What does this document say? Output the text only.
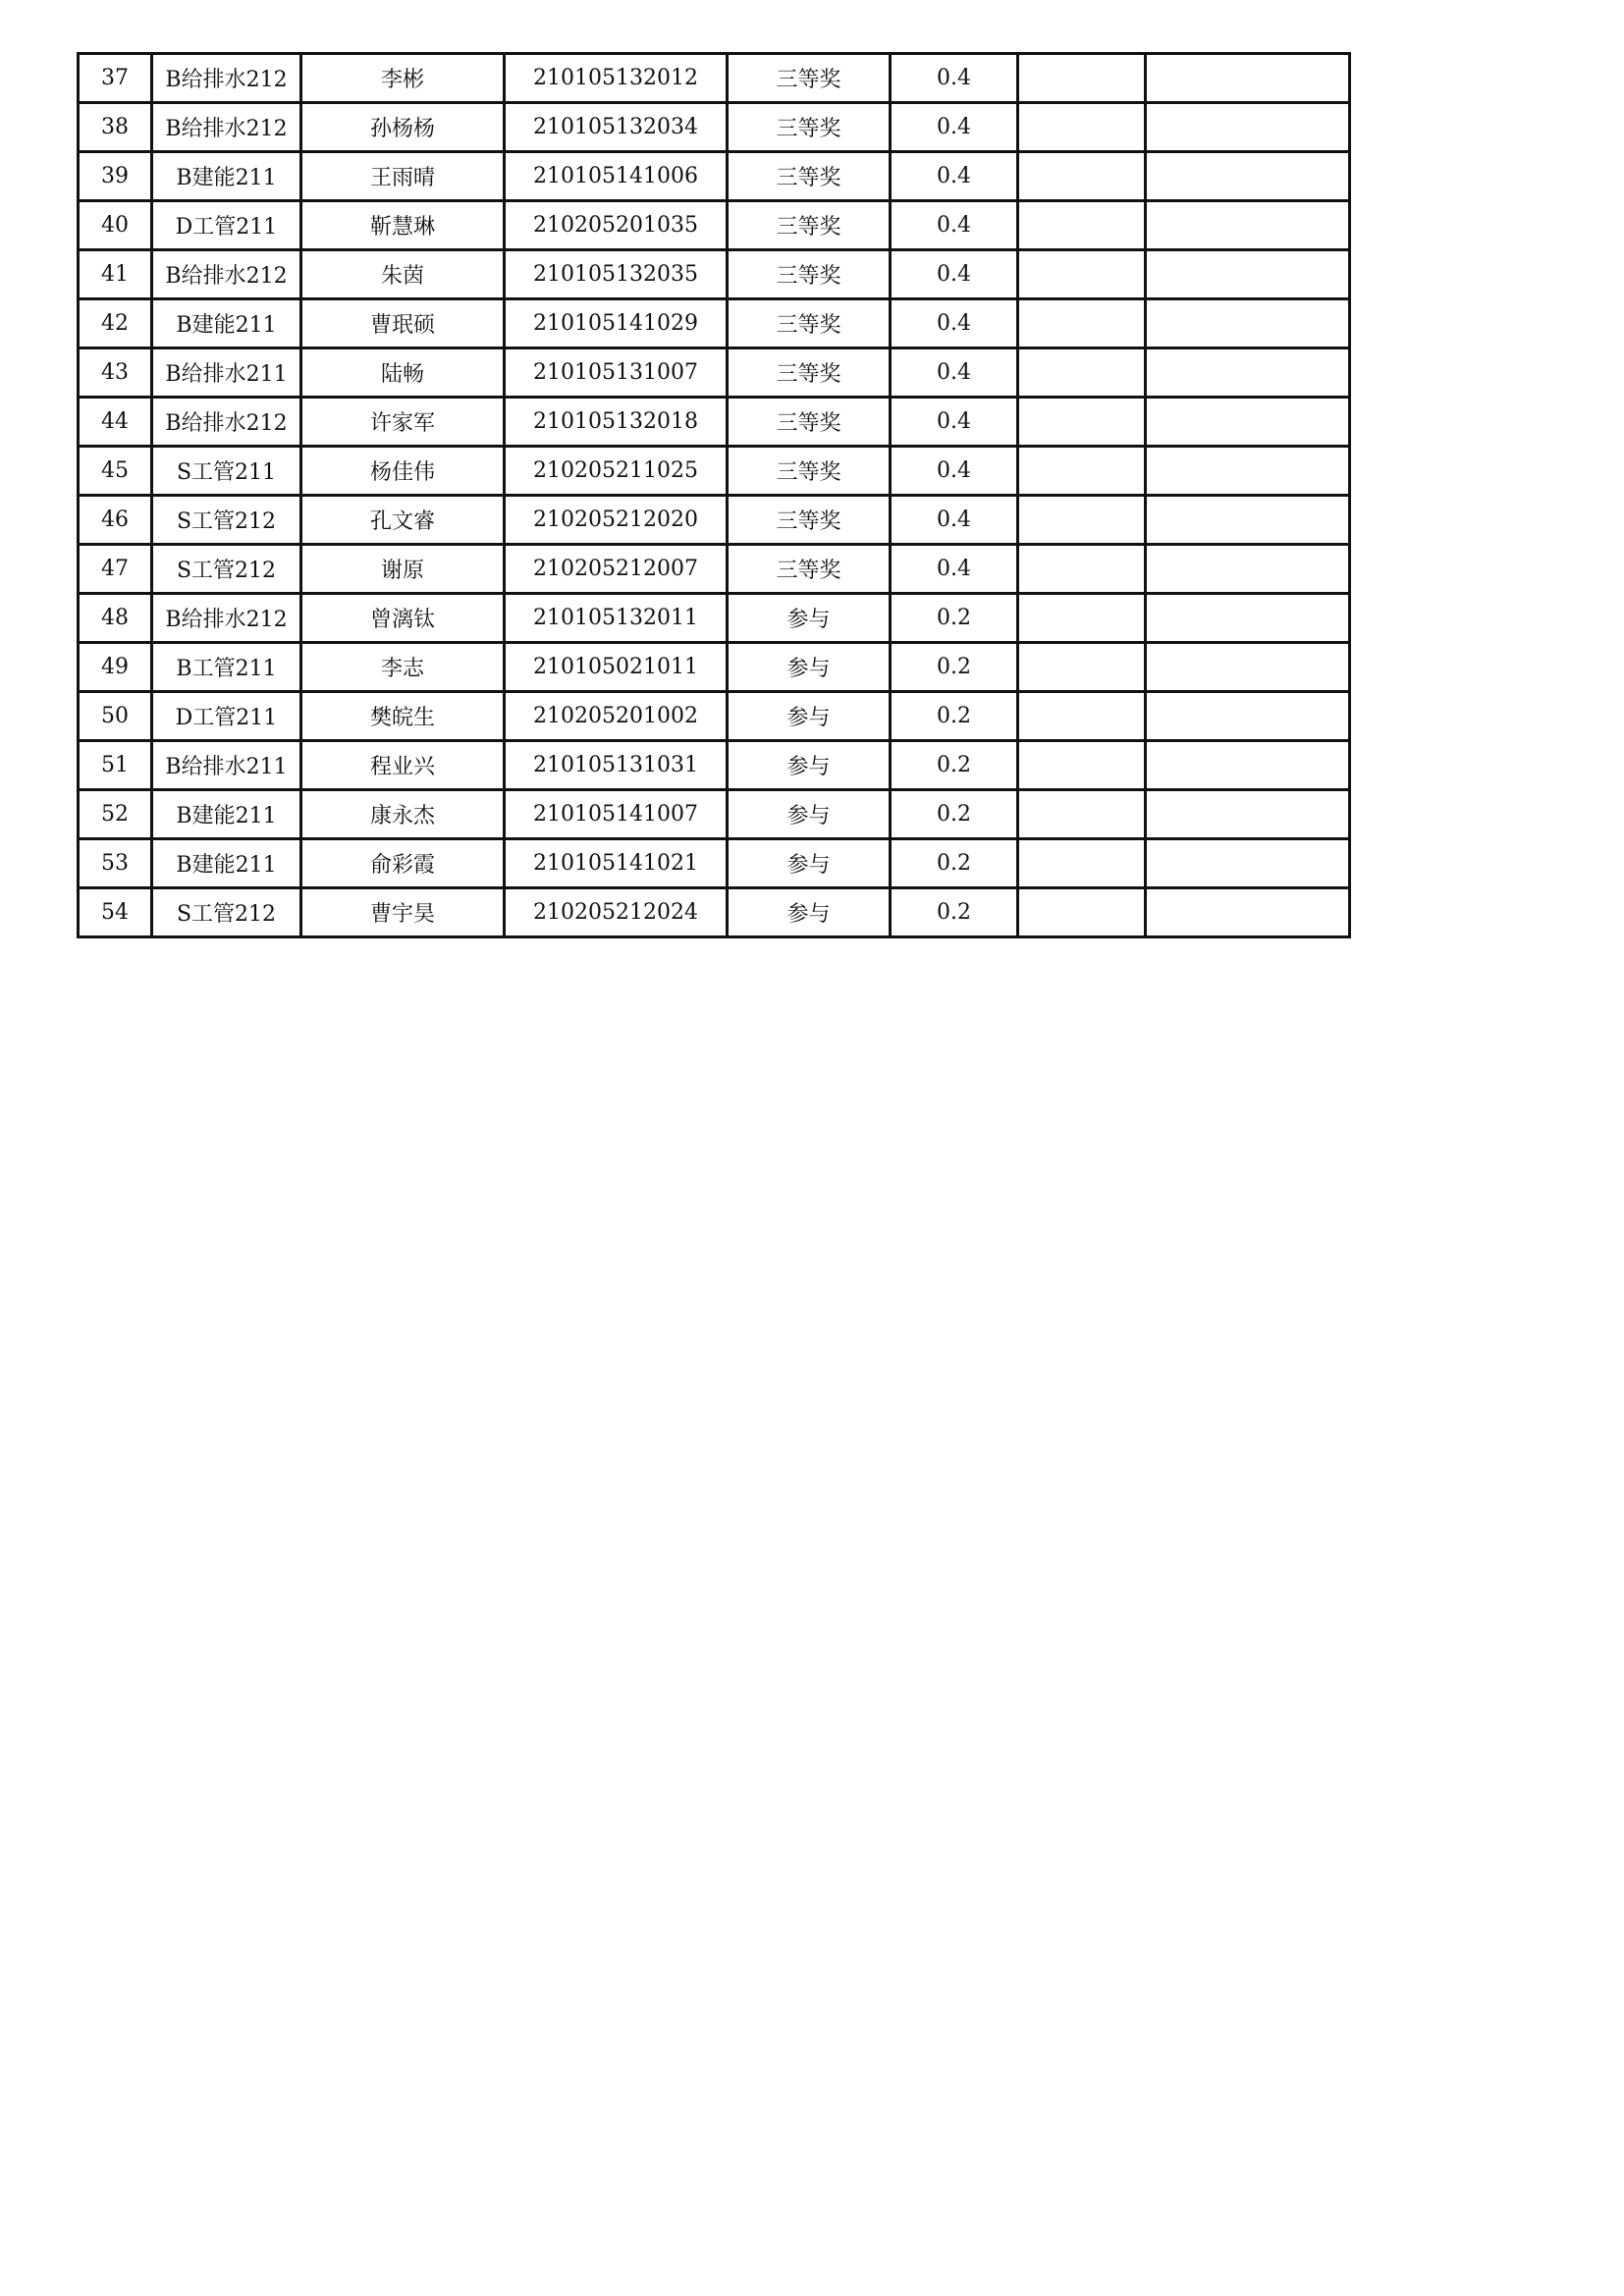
37	B给排水212	李彬	210105132012	三等奖	0.4		
38	B给排水212	孙杨杨	210105132034	三等奖	0.4		
39	B建能211	王雨晴	210105141006	三等奖	0.4		
40	D工管211	靳慧琳	210205201035	三等奖	0.4		
41	B给排水212	朱茵	210105132035	三等奖	0.4		
42	B建能211	曹珉硕	210105141029	三等奖	0.4		
43	B给排水211	陆畅	210105131007	三等奖	0.4		
44	B给排水212	许家军	210105132018	三等奖	0.4		
45	S工管211	杨佳伟	210205211025	三等奖	0.4		
46	S工管212	孔文睿	210205212020	三等奖	0.4		
47	S工管212	谢原	210205212007	三等奖	0.4		
48	B给排水212	曾漓钛	210105132011	参与	0.2		
49	B工管211	李志	210105021011	参与	0.2		
50	D工管211	樊皖生	210205201002	参与	0.2		
51	B给排水211	程业兴	210105131031	参与	0.2		
52	B建能211	康永杰	210105141007	参与	0.2		
53	B建能211	俞彩霞	210105141021	参与	0.2		
54	S工管212	曹宇昊	210205212024	参与	0.2		
